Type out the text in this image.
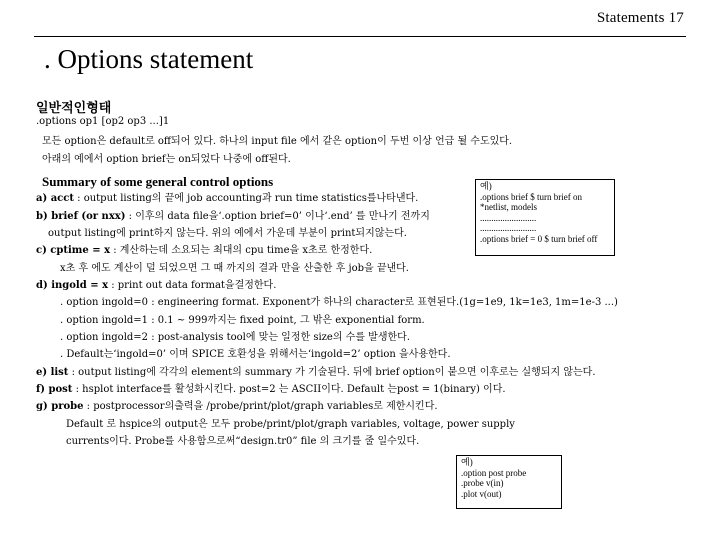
Statements 17
. Options statement
일반적인형태
.options op1 [op2 op3 ...]1
모든 option은 default로 off되어 있다. 하나의 input file 에서 같은 option이 두번 이상 언급 될 수도있다.
아래의 예에서 option brief는 on되었다 나중에 off된다.
Summary of some general control options	예)
.options brief $ turn brief on
*netlist, models
.........................
.........................
.options brief = 0 $ turn brief off
a) acct : output listing의 끝에 job accounting과 run time statistics를나타낸다.
b) brief (or nxx) : 이후의 data file을‘.option brief=0’ 이나‘.end’ 를 만나기 전까지
output listing에 print하지 않는다. 위의 예에서 가운데 부분이 print되지않는다.
c) cptime = x : 계산하는데 소요되는 최대의 cpu time을 x초로 한정한다.
x초 후 에도 계산이 덜 되었으면 그 때 까지의 결과 만을 산출한 후 job을 끝낸다.
d) ingold = x : print out data format을결정한다.
. option ingold=0 : engineering format. Exponent가 하나의 character로 표현된다.(1g=1e9, 1k=1e3, 1m=1e-3 ...)
. option ingold=1 : 0.1 ~ 999까지는 fixed point, 그 밖은 exponential form.
. option ingold=2 : post-analysis tool에 맞는 일정한 size의 수를 발생한다.
. Default는‘ingold=0’ 이며 SPICE 호환성을 위해서는‘ingold=2’ option 을사용한다.
e) list : output listing에 각각의 element의 summary 가 기술된다. 뒤에 brief option이 붙으면 이후로는 실행되지 않는다.
f) post : hsplot interface를 활성화시킨다. post=2 는 ASCII이다. Default 는post = 1(binary) 이다.
g) probe : postprocessor의출력을 /probe/print/plot/graph variables로 제한시킨다.
Default 로 hspice의 output은 모두 probe/print/plot/graph variables, voltage, power supply
currents이다. Probe를 사용함으로써“design.tr0” file 의 크기를 줄 일수있다.
예)
.option post probe
.probe v(in)
.plot v(out)
